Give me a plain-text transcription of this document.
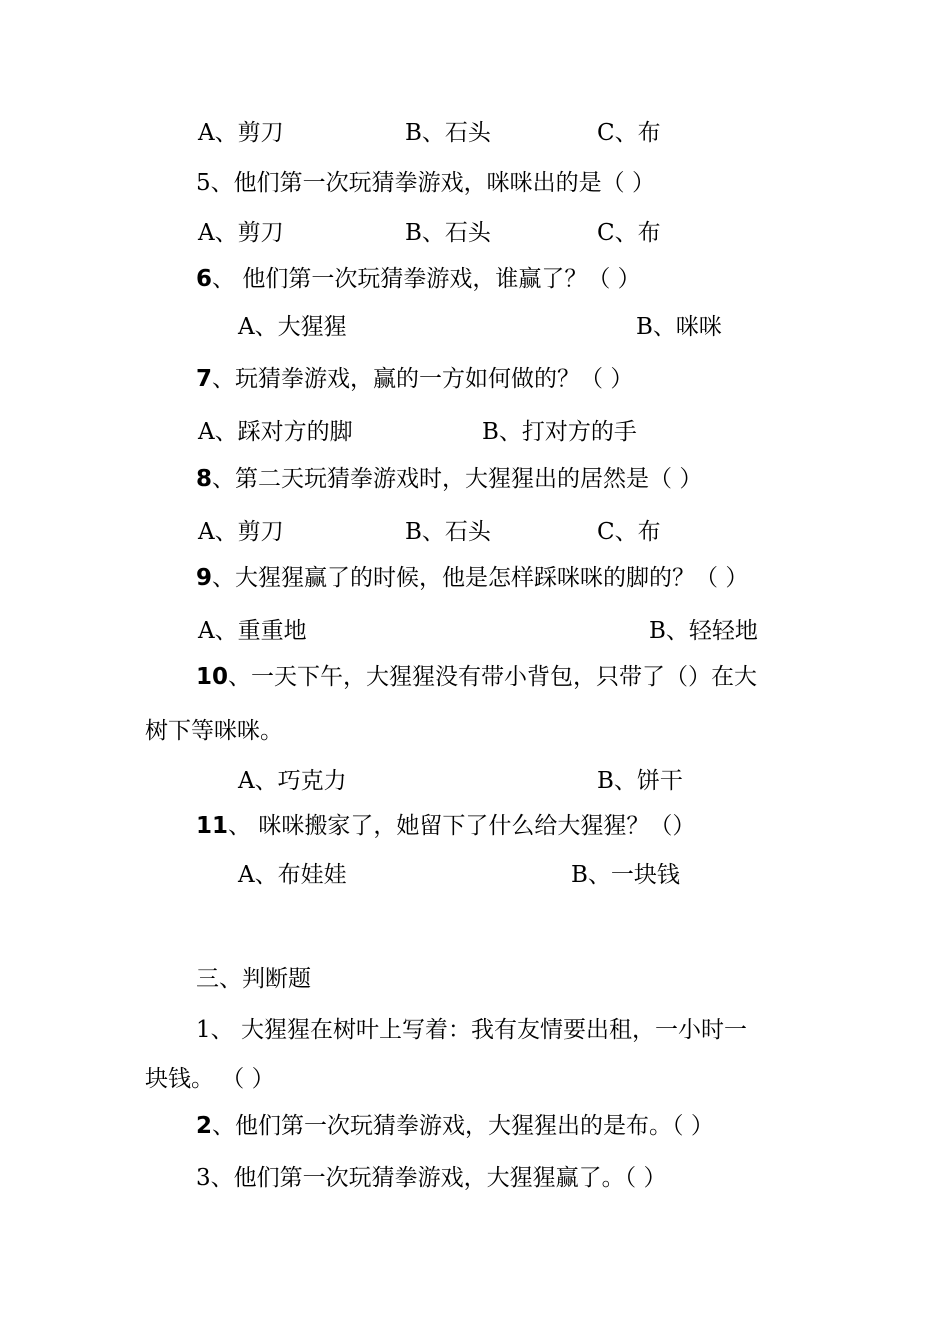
A、剪刀	B、石头	C、布
5、他们第一次玩猜拳游戏，咪咪出的是（ ）
A、剪刀	B、石头	C、布
6、 他们第一次玩猜拳游戏，谁赢了？（ ）
A、大猩猩	B、咪咪
7、玩猜拳游戏，赢的一方如何做的？（ ）
A、踩对方的脚	B、打对方的手
8、第二天玩猜拳游戏时，大猩猩出的居然是（ ）
A、剪刀	B、石头	C、布
9、大猩猩赢了的时候，他是怎样踩咪咪的脚的？（ ）
A、重重地	B、轻轻地
10、一天下午，大猩猩没有带小背包，只带了（）在大
树下等咪咪。
A、巧克力	B、饼干
11、 咪咪搬家了，她留下了什么给大猩猩？（）
A、布娃娃	B、一块钱
三、判断题
1、 大猩猩在树叶上写着：我有友情要出租，一小时一
块钱。 （ ）
2、他们第一次玩猜拳游戏，大猩猩出的是布。（ ）
3、他们第一次玩猜拳游戏，大猩猩赢了。（ ）
